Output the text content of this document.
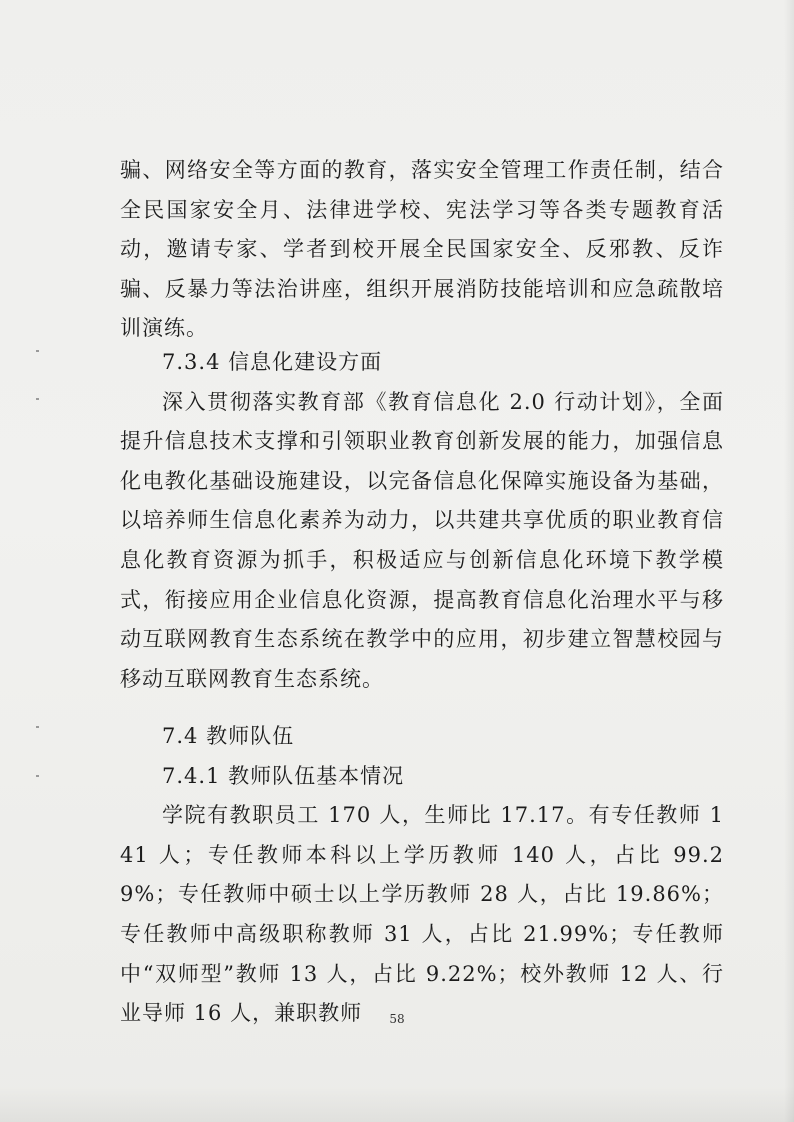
骗、网络安全等方面的教育，落实安全管理工作责任制，结合全民国家安全月、法律进学校、宪法学习等各类专题教育活动，邀请专家、学者到校开展全民国家安全、反邪教、反诈骗、反暴力等法治讲座，组织开展消防技能培训和应急疏散培训演练。

7.3.4 信息化建设方面

深入贯彻落实教育部《教育信息化 2.0 行动计划》，全面提升信息技术支撑和引领职业教育创新发展的能力，加强信息化电教化基础设施建设，以完备信息化保障实施设备为基础，以培养师生信息化素养为动力，以共建共享优质的职业教育信息化教育资源为抓手，积极适应与创新信息化环境下教学模式，衔接应用企业信息化资源，提高教育信息化治理水平与移动互联网教育生态系统在教学中的应用，初步建立智慧校园与移动互联网教育生态系统。

7.4 教师队伍

7.4.1 教师队伍基本情况

学院有教职员工 170 人，生师比 17.17。有专任教师 141 人；专任教师本科以上学历教师 140 人，占比 99.29%；专任教师中硕士以上学历教师 28 人，占比 19.86%；专任教师中高级职称教师 31 人，占比 21.99%；专任教师中“双师型”教师 13 人，占比 9.22%；校外教师 12 人、行业导师 16 人，兼职教师	58
